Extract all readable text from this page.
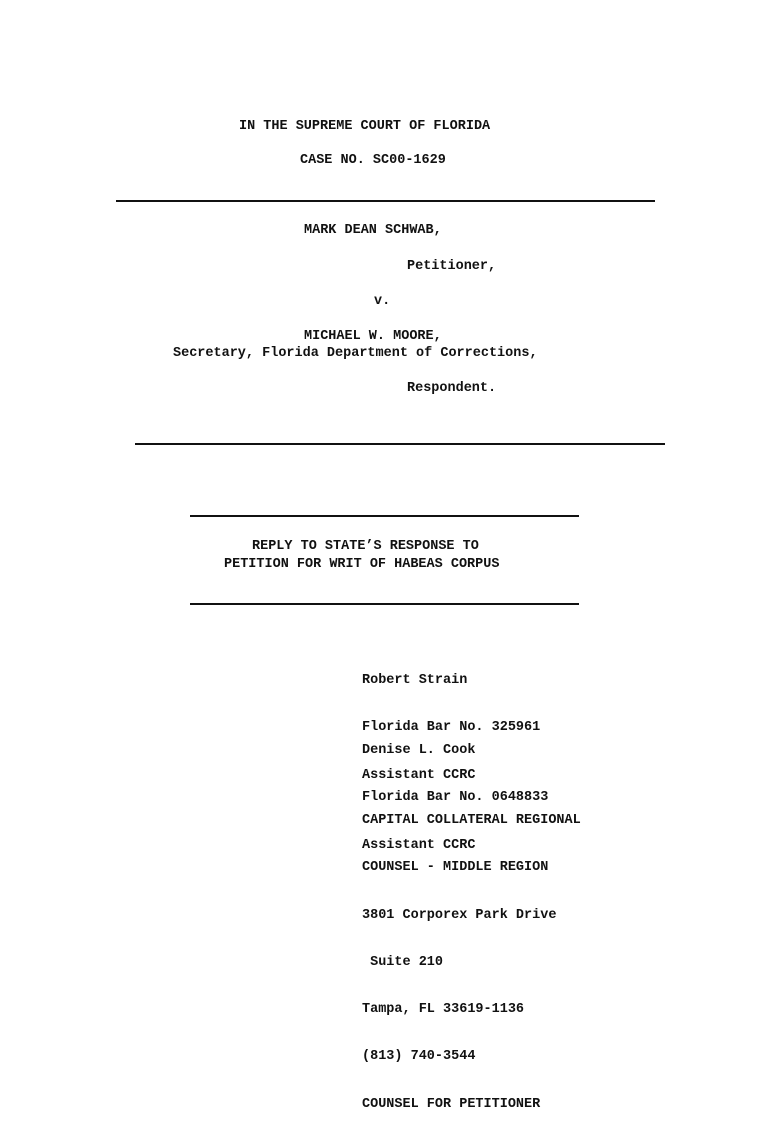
IN THE SUPREME COURT OF FLORIDA
CASE NO. SC00-1629
MARK DEAN SCHWAB,
Petitioner,
v.
MICHAEL W. MOORE,
Secretary, Florida Department of Corrections,
Respondent.
REPLY TO STATE’S RESPONSE TO
PETITION FOR WRIT OF HABEAS CORPUS

Robert Strain

Florida Bar No. 325961

Assistant CCRC

Denise L. Cook

Florida Bar No. 0648833

Assistant CCRC

CAPITAL COLLATERAL REGIONAL

COUNSEL - MIDDLE REGION

3801 Corporex Park Drive

Suite 210

Tampa, FL 33619-1136

(813) 740-3544

COUNSEL FOR PETITIONER
